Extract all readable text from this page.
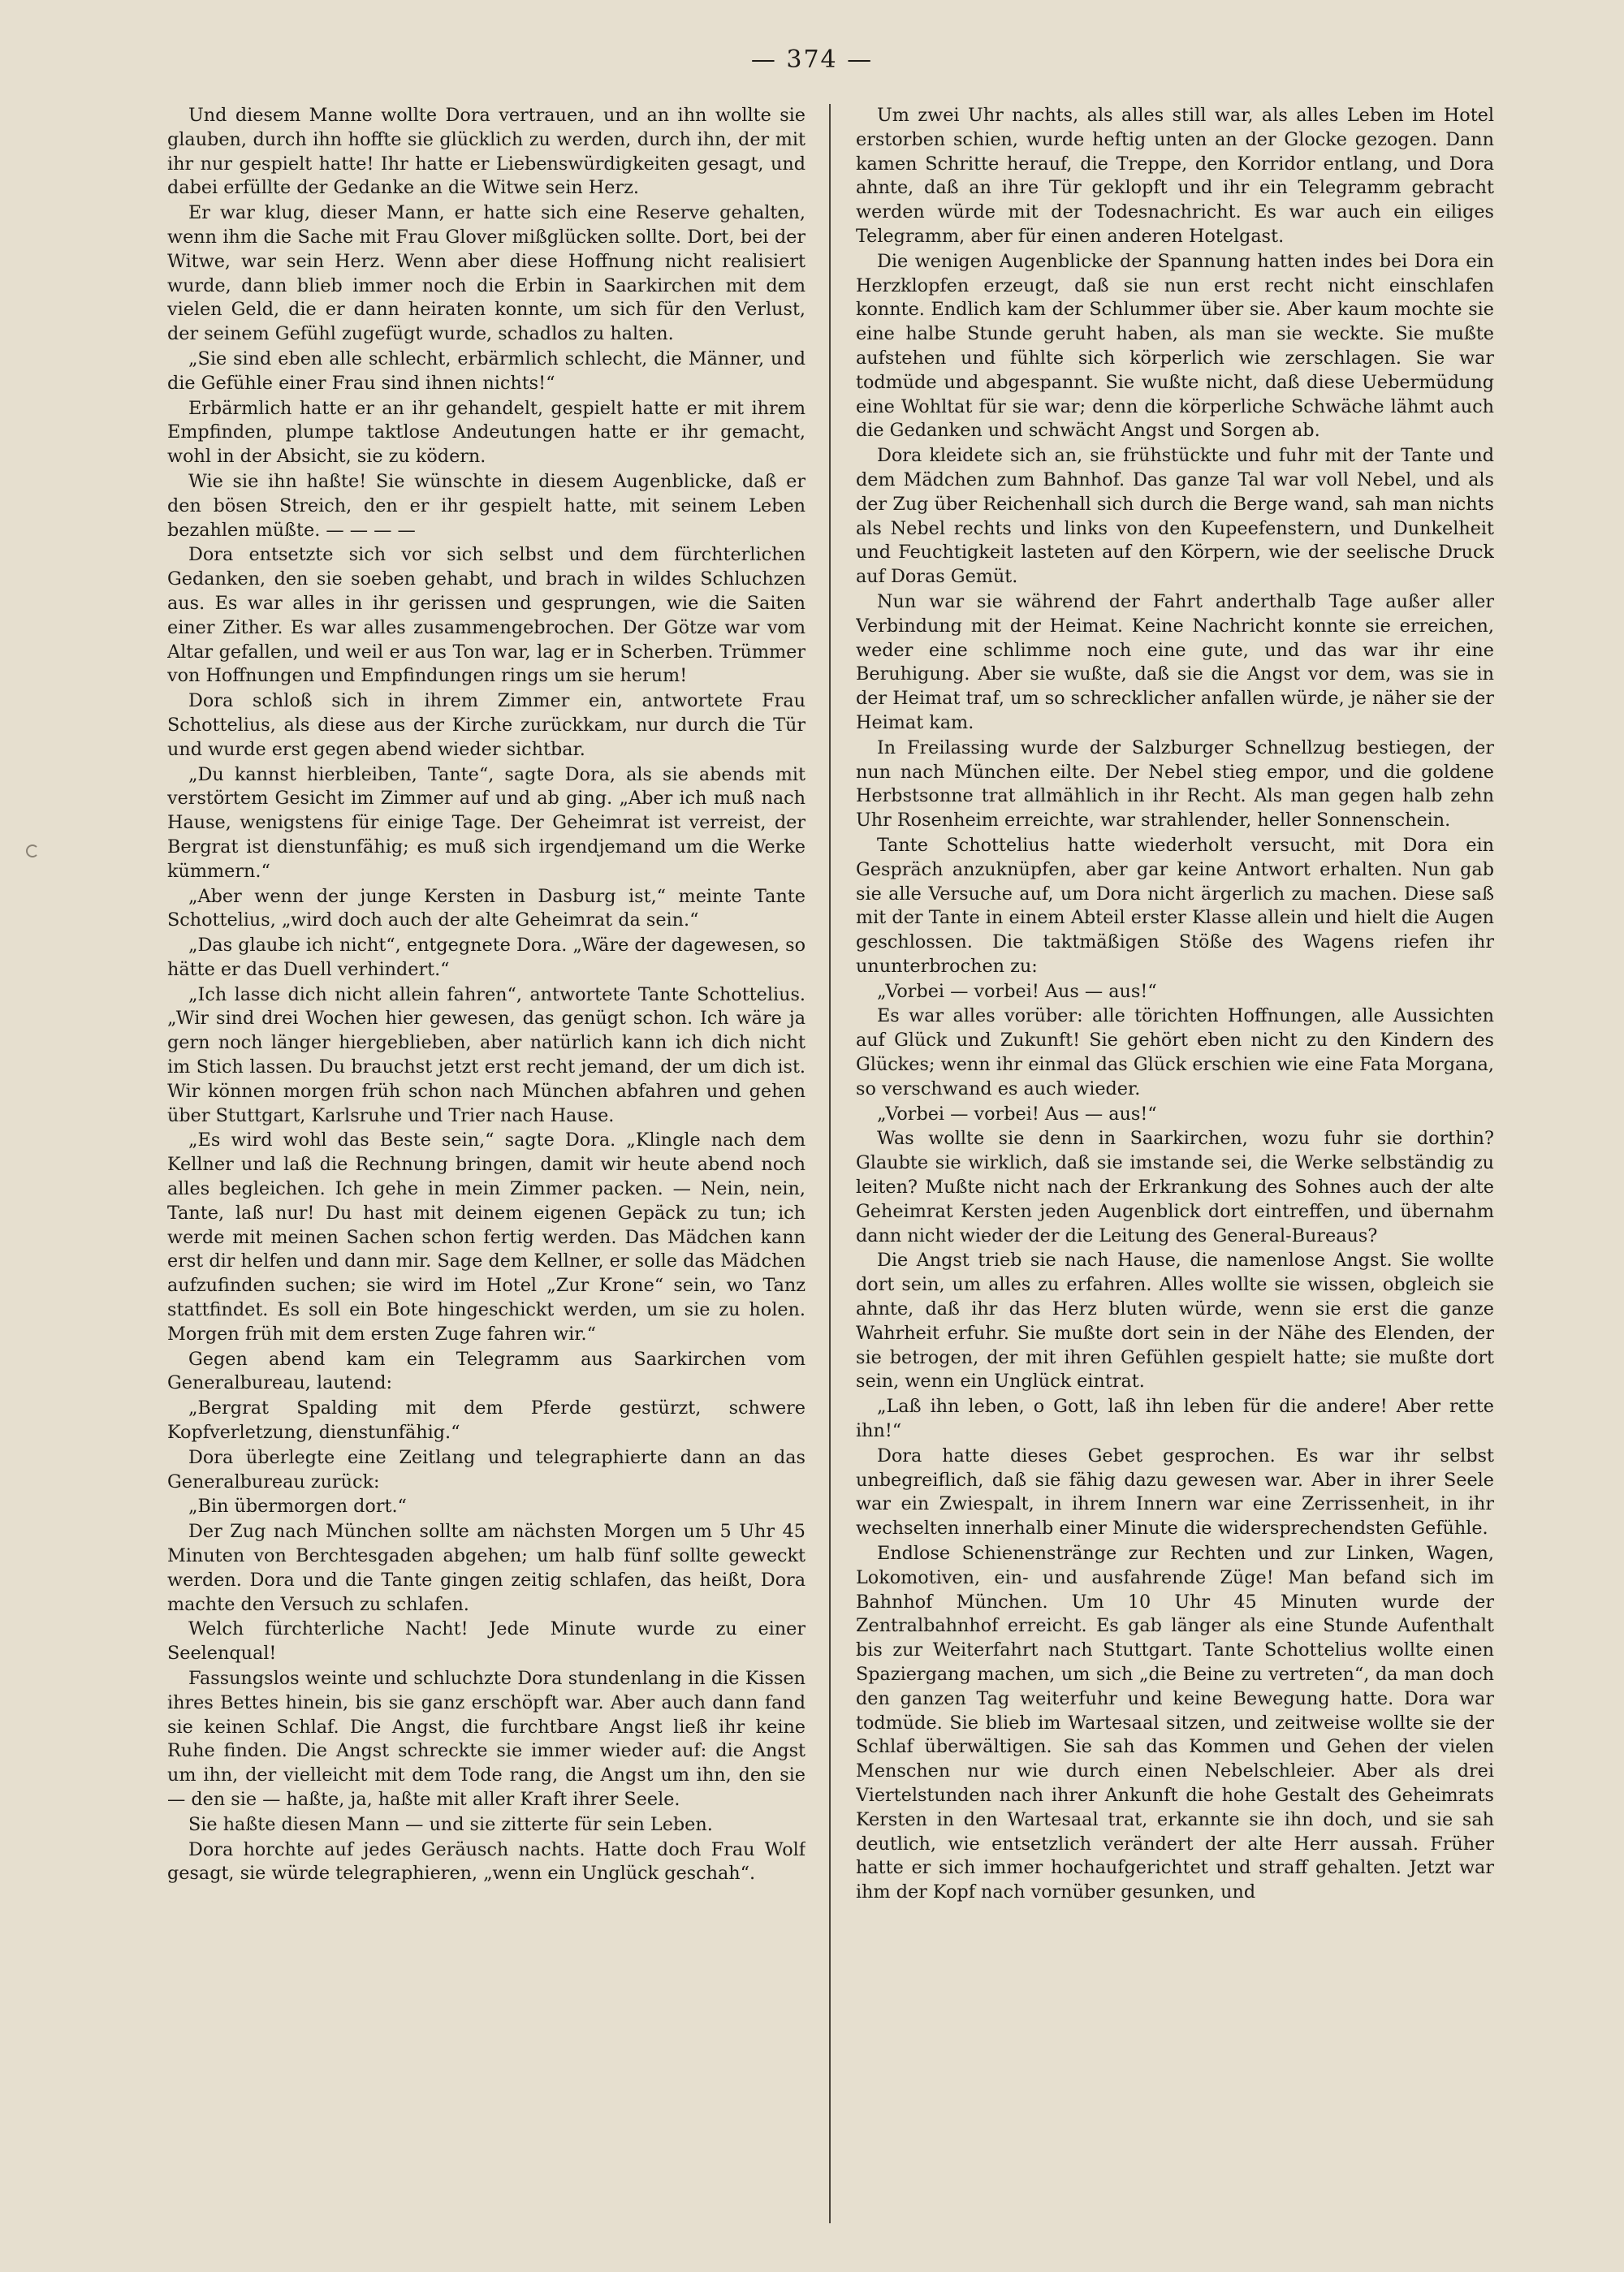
— 374 —

Und diesem Manne wollte Dora vertrauen, und an ihn wollte sie glauben, durch ihn hoffte sie glücklich zu werden, durch ihn, der mit ihr nur gespielt hatte! Ihr hatte er Liebenswürdigkeiten gesagt, und dabei erfüllte der Gedanke an die Witwe sein Herz.

Er war klug, dieser Mann, er hatte sich eine Reserve gehalten, wenn ihm die Sache mit Frau Glover mißglücken sollte. Dort, bei der Witwe, war sein Herz. Wenn aber diese Hoffnung nicht realisiert wurde, dann blieb immer noch die Erbin in Saarkirchen mit dem vielen Geld, die er dann heiraten konnte, um sich für den Verlust, der seinem Gefühl zugefügt wurde, schadlos zu halten.

„Sie sind eben alle schlecht, erbärmlich schlecht, die Männer, und die Gefühle einer Frau sind ihnen nichts!“

Erbärmlich hatte er an ihr gehandelt, gespielt hatte er mit ihrem Empfinden, plumpe taktlose Andeutungen hatte er ihr gemacht, wohl in der Absicht, sie zu ködern.

Wie sie ihn haßte! Sie wünschte in diesem Augenblicke, daß er den bösen Streich, den er ihr gespielt hatte, mit seinem Leben bezahlen müßte. — — — —

Dora entsetzte sich vor sich selbst und dem fürchterlichen Gedanken, den sie soeben gehabt, und brach in wildes Schluchzen aus. Es war alles in ihr gerissen und gesprungen, wie die Saiten einer Zither. Es war alles zusammengebrochen. Der Götze war vom Altar gefallen, und weil er aus Ton war, lag er in Scherben. Trümmer von Hoffnungen und Empfindungen rings um sie herum!

Dora schloß sich in ihrem Zimmer ein, antwortete Frau Schottelius, als diese aus der Kirche zurückkam, nur durch die Tür und wurde erst gegen abend wieder sichtbar.

„Du kannst hierbleiben, Tante“, sagte Dora, als sie abends mit verstörtem Gesicht im Zimmer auf und ab ging. „Aber ich muß nach Hause, wenigstens für einige Tage. Der Geheimrat ist verreist, der Bergrat ist dienstunfähig; es muß sich irgendjemand um die Werke kümmern.“

„Aber wenn der junge Kersten in Dasburg ist,“ meinte Tante Schottelius, „wird doch auch der alte Geheimrat da sein.“

„Das glaube ich nicht“, entgegnete Dora. „Wäre der dagewesen, so hätte er das Duell verhindert.“

„Ich lasse dich nicht allein fahren“, antwortete Tante Schottelius. „Wir sind drei Wochen hier gewesen, das genügt schon. Ich wäre ja gern noch länger hiergeblieben, aber natürlich kann ich dich nicht im Stich lassen. Du brauchst jetzt erst recht jemand, der um dich ist. Wir können morgen früh schon nach München abfahren und gehen über Stuttgart, Karlsruhe und Trier nach Hause.

„Es wird wohl das Beste sein,“ sagte Dora. „Klingle nach dem Kellner und laß die Rechnung bringen, damit wir heute abend noch alles begleichen. Ich gehe in mein Zimmer packen. — Nein, nein, Tante, laß nur! Du hast mit deinem eigenen Gepäck zu tun; ich werde mit meinen Sachen schon fertig werden. Das Mädchen kann erst dir helfen und dann mir. Sage dem Kellner, er solle das Mädchen aufzufinden suchen; sie wird im Hotel „Zur Krone“ sein, wo Tanz stattfindet. Es soll ein Bote hingeschickt werden, um sie zu holen. Morgen früh mit dem ersten Zuge fahren wir.“

Gegen abend kam ein Telegramm aus Saarkirchen vom Generalbureau, lautend:

„Bergrat Spalding mit dem Pferde gestürzt, schwere Kopfverletzung, dienstunfähig.“

Dora überlegte eine Zeitlang und telegraphierte dann an das Generalbureau zurück:

„Bin übermorgen dort.“

Der Zug nach München sollte am nächsten Morgen um 5 Uhr 45 Minuten von Berchtesgaden abgehen; um halb fünf sollte geweckt werden. Dora und die Tante gingen zeitig schlafen, das heißt, Dora machte den Versuch zu schlafen.

Welch fürchterliche Nacht! Jede Minute wurde zu einer Seelenqual!

Fassungslos weinte und schluchzte Dora stundenlang in die Kissen ihres Bettes hinein, bis sie ganz erschöpft war. Aber auch dann fand sie keinen Schlaf. Die Angst, die furchtbare Angst ließ ihr keine Ruhe finden. Die Angst schreckte sie immer wieder auf: die Angst um ihn, der vielleicht mit dem Tode rang, die Angst um ihn, den sie — den sie — haßte, ja, haßte mit aller Kraft ihrer Seele.

Sie haßte diesen Mann — und sie zitterte für sein Leben.

Dora horchte auf jedes Geräusch nachts. Hatte doch Frau Wolf gesagt, sie würde telegraphieren, „wenn ein Unglück geschah“.

Um zwei Uhr nachts, als alles still war, als alles Leben im Hotel erstorben schien, wurde heftig unten an der Glocke gezogen. Dann kamen Schritte herauf, die Treppe, den Korridor entlang, und Dora ahnte, daß an ihre Tür geklopft und ihr ein Telegramm gebracht werden würde mit der Todesnachricht. Es war auch ein eiliges Telegramm, aber für einen anderen Hotelgast.

Die wenigen Augenblicke der Spannung hatten indes bei Dora ein Herzklopfen erzeugt, daß sie nun erst recht nicht einschlafen konnte. Endlich kam der Schlummer über sie. Aber kaum mochte sie eine halbe Stunde geruht haben, als man sie weckte. Sie mußte aufstehen und fühlte sich körperlich wie zerschlagen. Sie war todmüde und abgespannt. Sie wußte nicht, daß diese Uebermüdung eine Wohltat für sie war; denn die körperliche Schwäche lähmt auch die Gedanken und schwächt Angst und Sorgen ab.

Dora kleidete sich an, sie frühstückte und fuhr mit der Tante und dem Mädchen zum Bahnhof. Das ganze Tal war voll Nebel, und als der Zug über Reichenhall sich durch die Berge wand, sah man nichts als Nebel rechts und links von den Kupeefenstern, und Dunkelheit und Feuchtigkeit lasteten auf den Körpern, wie der seelische Druck auf Doras Gemüt.

Nun war sie während der Fahrt anderthalb Tage außer aller Verbindung mit der Heimat. Keine Nachricht konnte sie erreichen, weder eine schlimme noch eine gute, und das war ihr eine Beruhigung. Aber sie wußte, daß sie die Angst vor dem, was sie in der Heimat traf, um so schrecklicher anfallen würde, je näher sie der Heimat kam.

In Freilassing wurde der Salzburger Schnellzug bestiegen, der nun nach München eilte. Der Nebel stieg empor, und die goldene Herbstsonne trat allmählich in ihr Recht. Als man gegen halb zehn Uhr Rosenheim erreichte, war strahlender, heller Sonnenschein.

Tante Schottelius hatte wiederholt versucht, mit Dora ein Gespräch anzuknüpfen, aber gar keine Antwort erhalten. Nun gab sie alle Versuche auf, um Dora nicht ärgerlich zu machen. Diese saß mit der Tante in einem Abteil erster Klasse allein und hielt die Augen geschlossen. Die taktmäßigen Stöße des Wagens riefen ihr ununterbrochen zu:

„Vorbei — vorbei! Aus — aus!“

Es war alles vorüber: alle törichten Hoffnungen, alle Aussichten auf Glück und Zukunft! Sie gehört eben nicht zu den Kindern des Glückes; wenn ihr einmal das Glück erschien wie eine Fata Morgana, so verschwand es auch wieder.

„Vorbei — vorbei! Aus — aus!“

Was wollte sie denn in Saarkirchen, wozu fuhr sie dorthin? Glaubte sie wirklich, daß sie imstande sei, die Werke selbständig zu leiten? Mußte nicht nach der Erkrankung des Sohnes auch der alte Geheimrat Kersten jeden Augenblick dort eintreffen, und übernahm dann nicht wieder der die Leitung des General-Bureaus?

Die Angst trieb sie nach Hause, die namenlose Angst. Sie wollte dort sein, um alles zu erfahren. Alles wollte sie wissen, obgleich sie ahnte, daß ihr das Herz bluten würde, wenn sie erst die ganze Wahrheit erfuhr. Sie mußte dort sein in der Nähe des Elenden, der sie betrogen, der mit ihren Gefühlen gespielt hatte; sie mußte dort sein, wenn ein Unglück eintrat.

„Laß ihn leben, o Gott, laß ihn leben für die andere! Aber rette ihn!“

Dora hatte dieses Gebet gesprochen. Es war ihr selbst unbegreiflich, daß sie fähig dazu gewesen war. Aber in ihrer Seele war ein Zwiespalt, in ihrem Innern war eine Zerrissenheit, in ihr wechselten innerhalb einer Minute die widersprechendsten Gefühle.

Endlose Schienenstränge zur Rechten und zur Linken, Wagen, Lokomotiven, ein- und ausfahrende Züge! Man befand sich im Bahnhof München. Um 10 Uhr 45 Minuten wurde der Zentralbahnhof erreicht. Es gab länger als eine Stunde Aufenthalt bis zur Weiterfahrt nach Stuttgart. Tante Schottelius wollte einen Spaziergang machen, um sich „die Beine zu vertreten“, da man doch den ganzen Tag weiterfuhr und keine Bewegung hatte. Dora war todmüde. Sie blieb im Wartesaal sitzen, und zeitweise wollte sie der Schlaf überwältigen. Sie sah das Kommen und Gehen der vielen Menschen nur wie durch einen Nebelschleier. Aber als drei Viertelstunden nach ihrer Ankunft die hohe Gestalt des Geheimrats Kersten in den Wartesaal trat, erkannte sie ihn doch, und sie sah deutlich, wie entsetzlich verändert der alte Herr aussah. Früher hatte er sich immer hochaufgerichtet und straff gehalten. Jetzt war ihm der Kopf nach vornüber gesunken, und
